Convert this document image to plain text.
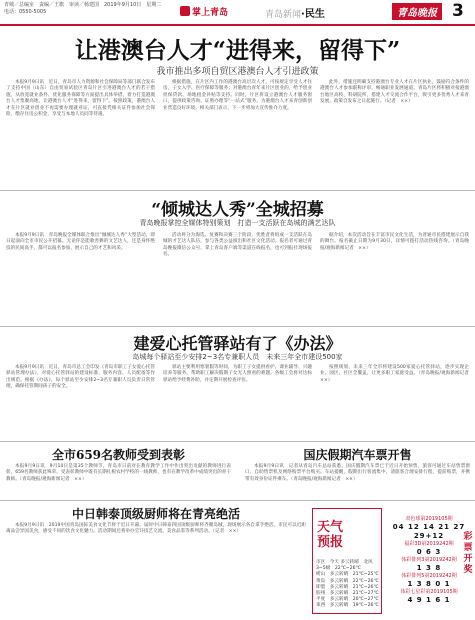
青城／总编室　责编／王旗　审读／杨建国　2019年9月10日　星期二　电话：0550-5005	掌上青岛	青岛新闻·民生	青岛晚报 3
让港澳台人才“进得来，留得下”
我市推出多项自贸区港澳台人才引进政策

本报9月9日讯　近日，青岛市人力资源和社会保障局等部门联合发布了支持中国（山东）自由贸易试验区青岛片区引进港澳台人才的若干措施，从放宽就业条件、优化服务保障等方面提出具体举措，着力打造港澳台人才集聚高地，让港澳台人才“进得来，留得下”。按照政策，港澳台人才在片区就业创业不再需要办理就业证，可直接凭相关证件参加社会保险、缴存住房公积金，享受与本地人员同等待遇。

根据措施，在片区内工作的港澳台高层次人才，可按规定享受人才住房、子女入学、医疗保障等服务；对港澳台青年来片区创业的，给予创业担保贷款、场地租金补贴等支持。同时，片区将设立港澳台人才服务窗口，提供政策咨询、证照办理等“一站式”服务，为港澳台人才来青创新创业营造良好环境。相关部门表示，下一步将加大宣传推介力度。

此外，措施还明确支持港澳台专业人才在片区执业，鼓励符合条件的港澳台人才参加职称评审，畅通职业发展通道。青岛片区将积极对接港澳台地区高校、科研院所，搭建人才交流合作平台，吸引更多优秀人才来青发展。政策自发布之日起施行。（记者　××）

“倾城达人秀”全城招募
青岛晚报掌控全媒体特别策划　打造一支活跃在岛城的满艺达队

本报9月9日讯　青岛晚报全媒体联合推出“倾城达人秀”大型活动，即日起面向全市市民公开招募。无论你是能歌善舞的文艺达人，还是身怀绝技的民间高手，都可以报名参加，展示自己的才艺和风采。

活动将分为海选、复赛和决赛三个阶段，优胜者将组成一支活跃在岛城的才艺达人队伍，参与各类公益演出和社区文化活动。报名者可通过青岛晚报微信公众号、掌上青岛客户端等渠道在线报名，也可到报社现场报名。

据介绍，本次活动旨在丰富市民文化生活，为普通市民搭建展示自我的舞台。报名截止日期为9月30日，详情可拨打活动热线咨询。（青岛晚报/观海新闻记者　××）

建爱心托管驿站有了《办法》
岛城每个驿站至少安排2~3名专兼职人员　未来三年全市建设500家

本报9月9日讯　近日，青岛市总工会印发《青岛市职工子女爱心托管驿站管理办法》，对爱心托管驿站的建设标准、服务内容、人员配备等作出规范。根据《办法》，每个驿站至少安排2~3名专兼职人员负责日常管理，确保托管期间孩子的安全。

驿站主要利用寒暑假等时间，为职工子女提供看护、课业辅导、兴趣培养等服务，帮助职工解决假期子女无人照看的难题。各级工会将对达标驿站给予经费补助，并定期开展检查评估。

按照规划，未来三年全市将建设500家爱心托管驿站，逐步实现企业、园区、社区全覆盖，让更多职工家庭受益。（青岛晚报/观海新闻记者　××）

全市659名教师受到表彰

本报9月9日讯　9月10日是第35个教师节，青岛市日前对在教育教学工作中作出突出贡献的教师进行表彰，659名教师获此殊荣。受表彰教师中既有长期扎根农村学校的一线教师，也有在教学改革中成绩突出的骨干教师。（青岛晚报/观海新闻记者　××）

国庆假期汽车票开售

本报9月9日讯　记者从青岛汽车总站获悉，国庆假期汽车票已于近日开始预售，旅客可通过车站售票窗口、自助售票机及网络购票平台购买。车站提醒，假期出行客流集中，请旅客合理安排行程，提前购票，并携带有效身份证件乘车。（青岛晚报/观海新闻记者　××）

中日韩泰顶级厨师将在青亮绝活

本报9月9日讯　2019中国青岛国际美食文化节将于近日开幕，届时中日韩泰四国顶级厨师将齐聚岛城，现场展示各自拿手绝活。市民可以近距离品尝异国美食，感受不同的饮食文化魅力。活动期间还将举办烹饪技艺交流、美食品鉴等系列活动。（记者　××）	天气预报
市区　今天 多云转晴　北风3~5级　22℃~26℃
崂山　多云转晴　21℃~25℃
黄岛　多云转晴　22℃~26℃
即墨　多云转晴　21℃~26℃
胶州　多云转晴　21℃~27℃
平度　多云转晴　20℃~27℃
莱西　多云转晴　19℃~26℃
双色球第2019105期
04 12 14 21 27 29+12
福彩3D第2019242期
0 6 3
体彩排列3第2019242期
1 3 8
体彩排列5第2019242期
1 3 8 0 1
体彩七星彩第2019105期
4 9 1 6 1
彩票开奖
